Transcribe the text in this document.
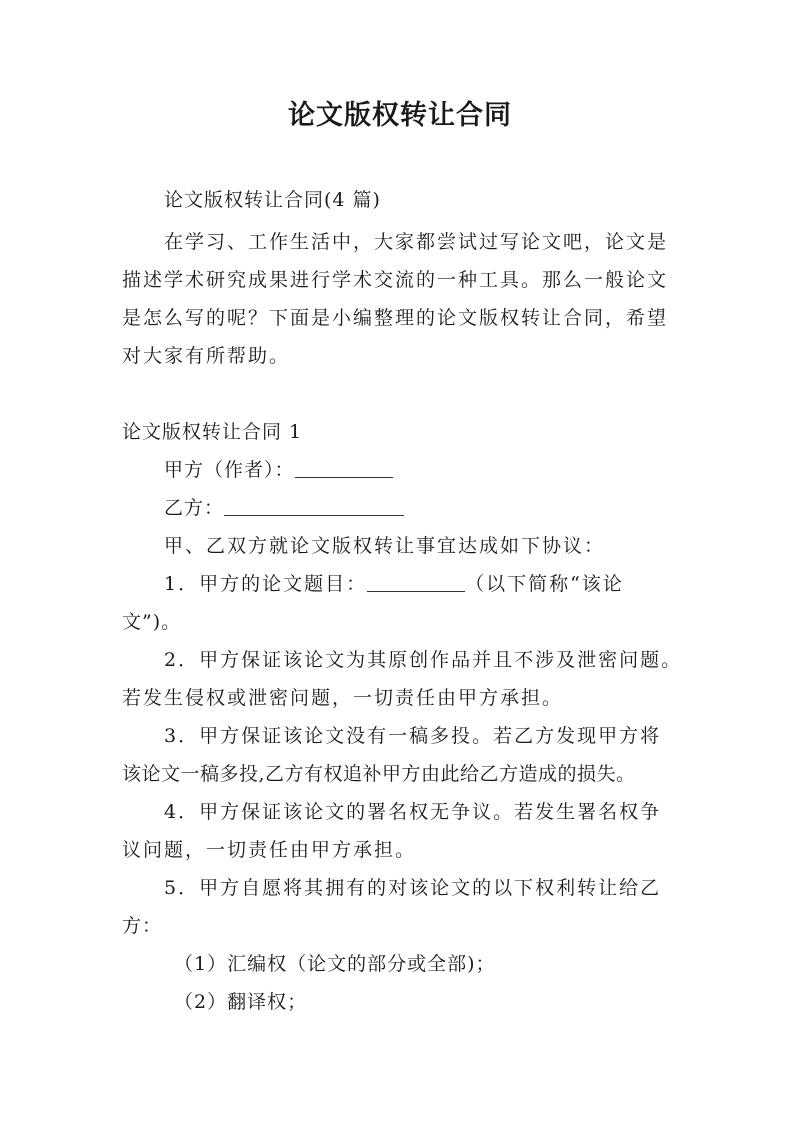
论文版权转让合同
论文版权转让合同(4 篇)
在学习、工作生活中，大家都尝试过写论文吧，论文是
描述学术研究成果进行学术交流的一种工具。那么一般论文
是怎么写的呢？下面是小编整理的论文版权转让合同，希望
对大家有所帮助。
论文版权转让合同 1
甲方（作者）：
乙方：
甲、乙双方就论文版权转让事宜达成如下协议：
1．甲方的论文题目：	（以下简称“该论
文”)。
2．甲方保证该论文为其原创作品并且不涉及泄密问题。
若发生侵权或泄密问题，一切责任由甲方承担。
3．甲方保证该论文没有一稿多投。若乙方发现甲方将
该论文一稿多投,乙方有权追补甲方由此给乙方造成的损失。
4．甲方保证该论文的署名权无争议。若发生署名权争
议问题，一切责任由甲方承担。
5．甲方自愿将其拥有的对该论文的以下权利转让给乙
方：
（1）汇编权（论文的部分或全部)；
（2）翻译权；
